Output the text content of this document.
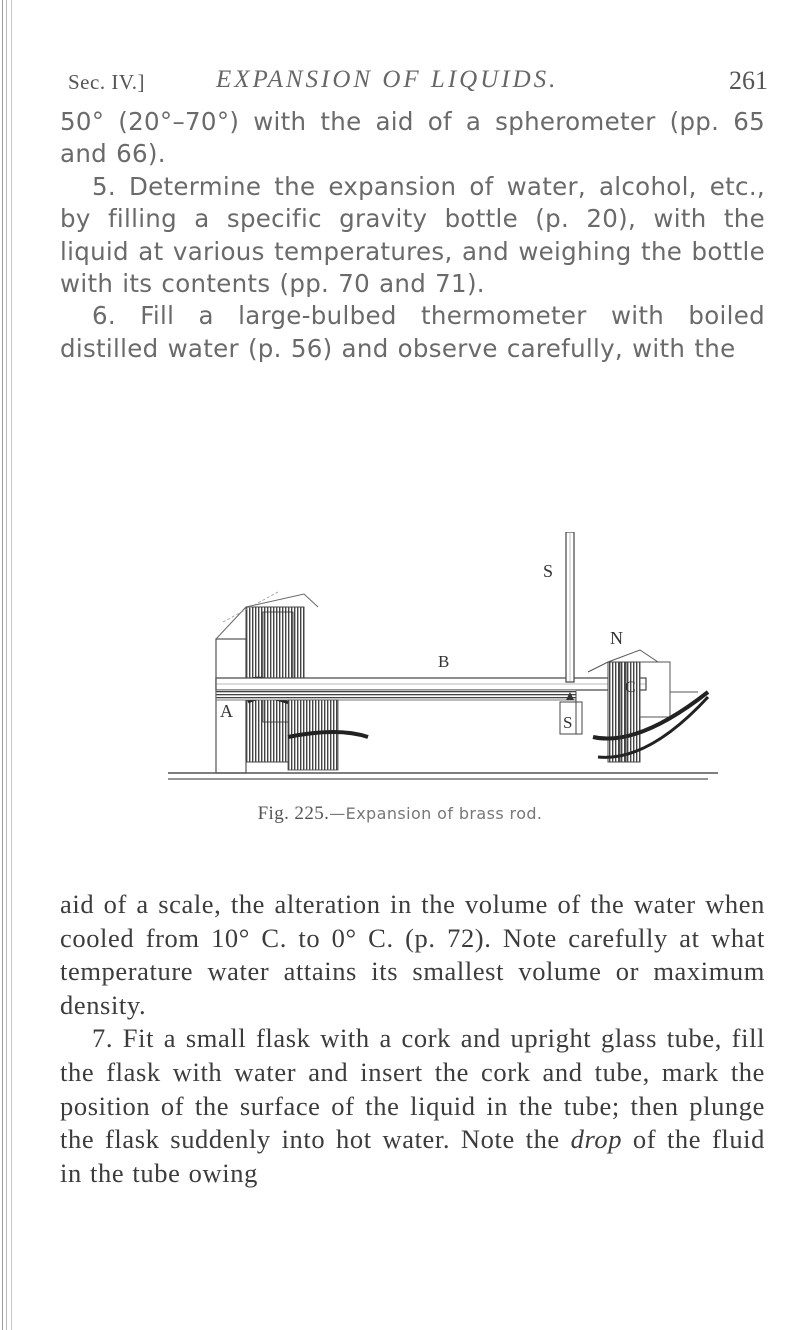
Sec. IV.]	EXPANSION OF LIQUIDS.	261

50° (20°–70°) with the aid of a spherometer (pp. 65 and 66).

5. Determine the expansion of water, alcohol, etc., by filling a specific gravity bottle (p. 20), with the liquid at various temperatures, and weighing the bottle with its contents (pp. 70 and 71).

6. Fill a large-bulbed thermometer with boiled distilled water (p. 56) and observe carefully, with the

S
N
B
A
S
C
Fig. 225.—Expansion of brass rod.

aid of a scale, the alteration in the volume of the water when cooled from 10° C. to 0° C. (p. 72). Note carefully at what temperature water attains its smallest volume or maximum density.

7. Fit a small flask with a cork and upright glass tube, fill the flask with water and insert the cork and tube, mark the position of the surface of the liquid in the tube; then plunge the flask suddenly into hot water. Note the drop of the fluid in the tube owing
